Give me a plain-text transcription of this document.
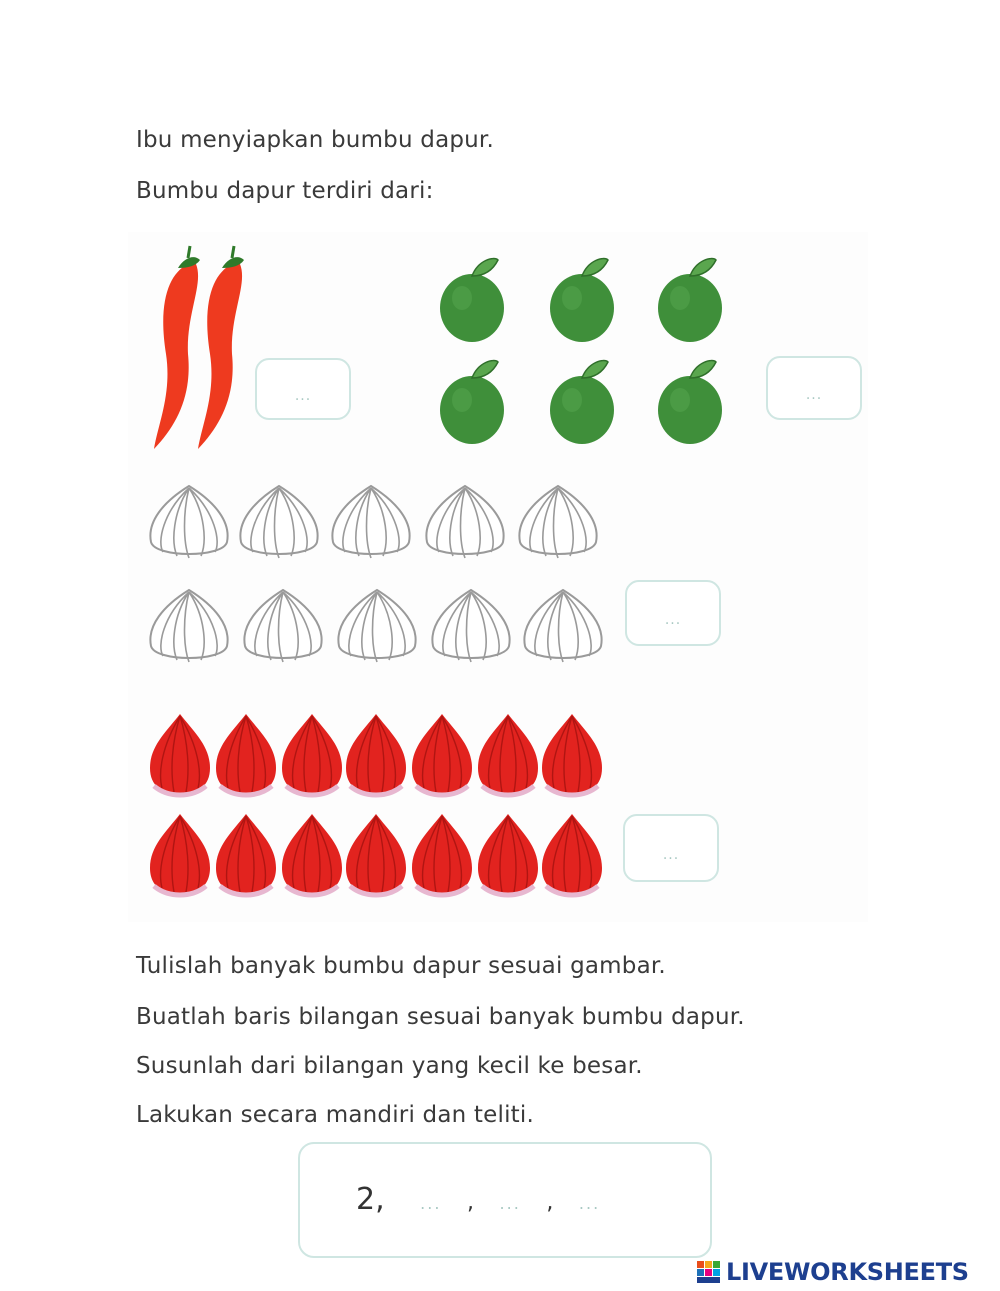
Ibu menyiapkan bumbu dapur.
Bumbu dapur terdiri dari:
...	...
...
...
Tulislah banyak bumbu dapur sesuai gambar.
Buatlah baris bilangan sesuai banyak bumbu dapur.
Susunlah dari bilangan yang kecil ke besar.
Lakukan secara mandiri dan teliti.
2, ... , ... , ...
LIVEWORKSHEETS
